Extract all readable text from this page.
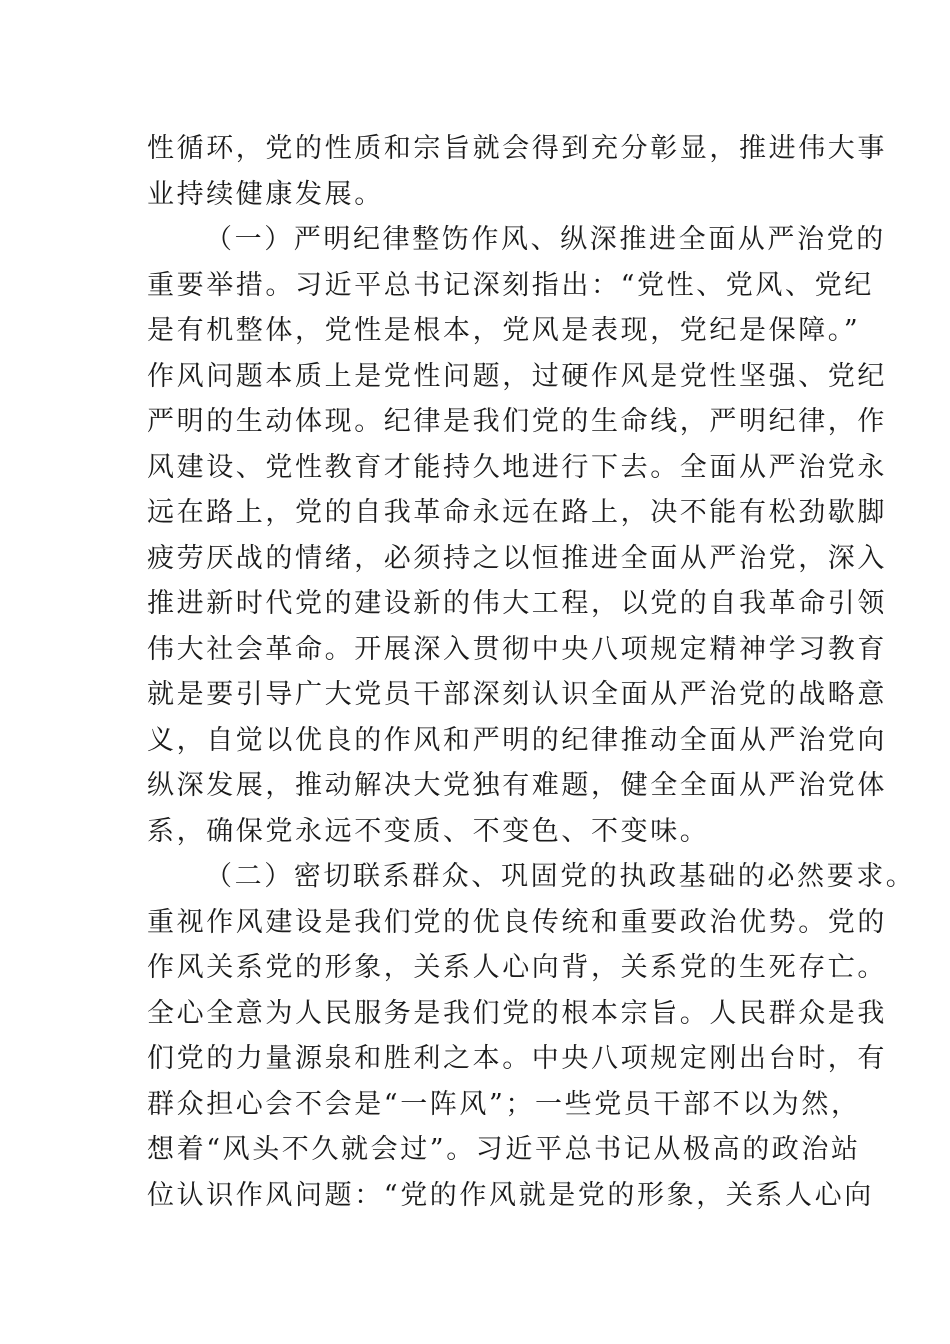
性循环，党的性质和宗旨就会得到充分彰显，推进伟大事
业持续健康发展。
（一）严明纪律整饬作风、纵深推进全面从严治党的
重要举措。习近平总书记深刻指出：“党性、党风、党纪
是有机整体，党性是根本，党风是表现，党纪是保障。”
作风问题本质上是党性问题，过硬作风是党性坚强、党纪
严明的生动体现。纪律是我们党的生命线，严明纪律，作
风建设、党性教育才能持久地进行下去。全面从严治党永
远在路上，党的自我革命永远在路上，决不能有松劲歇脚
疲劳厌战的情绪，必须持之以恒推进全面从严治党，深入
推进新时代党的建设新的伟大工程，以党的自我革命引领
伟大社会革命。开展深入贯彻中央八项规定精神学习教育
就是要引导广大党员干部深刻认识全面从严治党的战略意
义，自觉以优良的作风和严明的纪律推动全面从严治党向
纵深发展，推动解决大党独有难题，健全全面从严治党体
系，确保党永远不变质、不变色、不变味。
（二）密切联系群众、巩固党的执政基础的必然要求。
重视作风建设是我们党的优良传统和重要政治优势。党的
作风关系党的形象，关系人心向背，关系党的生死存亡。
全心全意为人民服务是我们党的根本宗旨。人民群众是我
们党的力量源泉和胜利之本。中央八项规定刚出台时，有
群众担心会不会是“一阵风”；一些党员干部不以为然，
想着“风头不久就会过”。习近平总书记从极高的政治站
位认识作风问题：“党的作风就是党的形象，关系人心向
